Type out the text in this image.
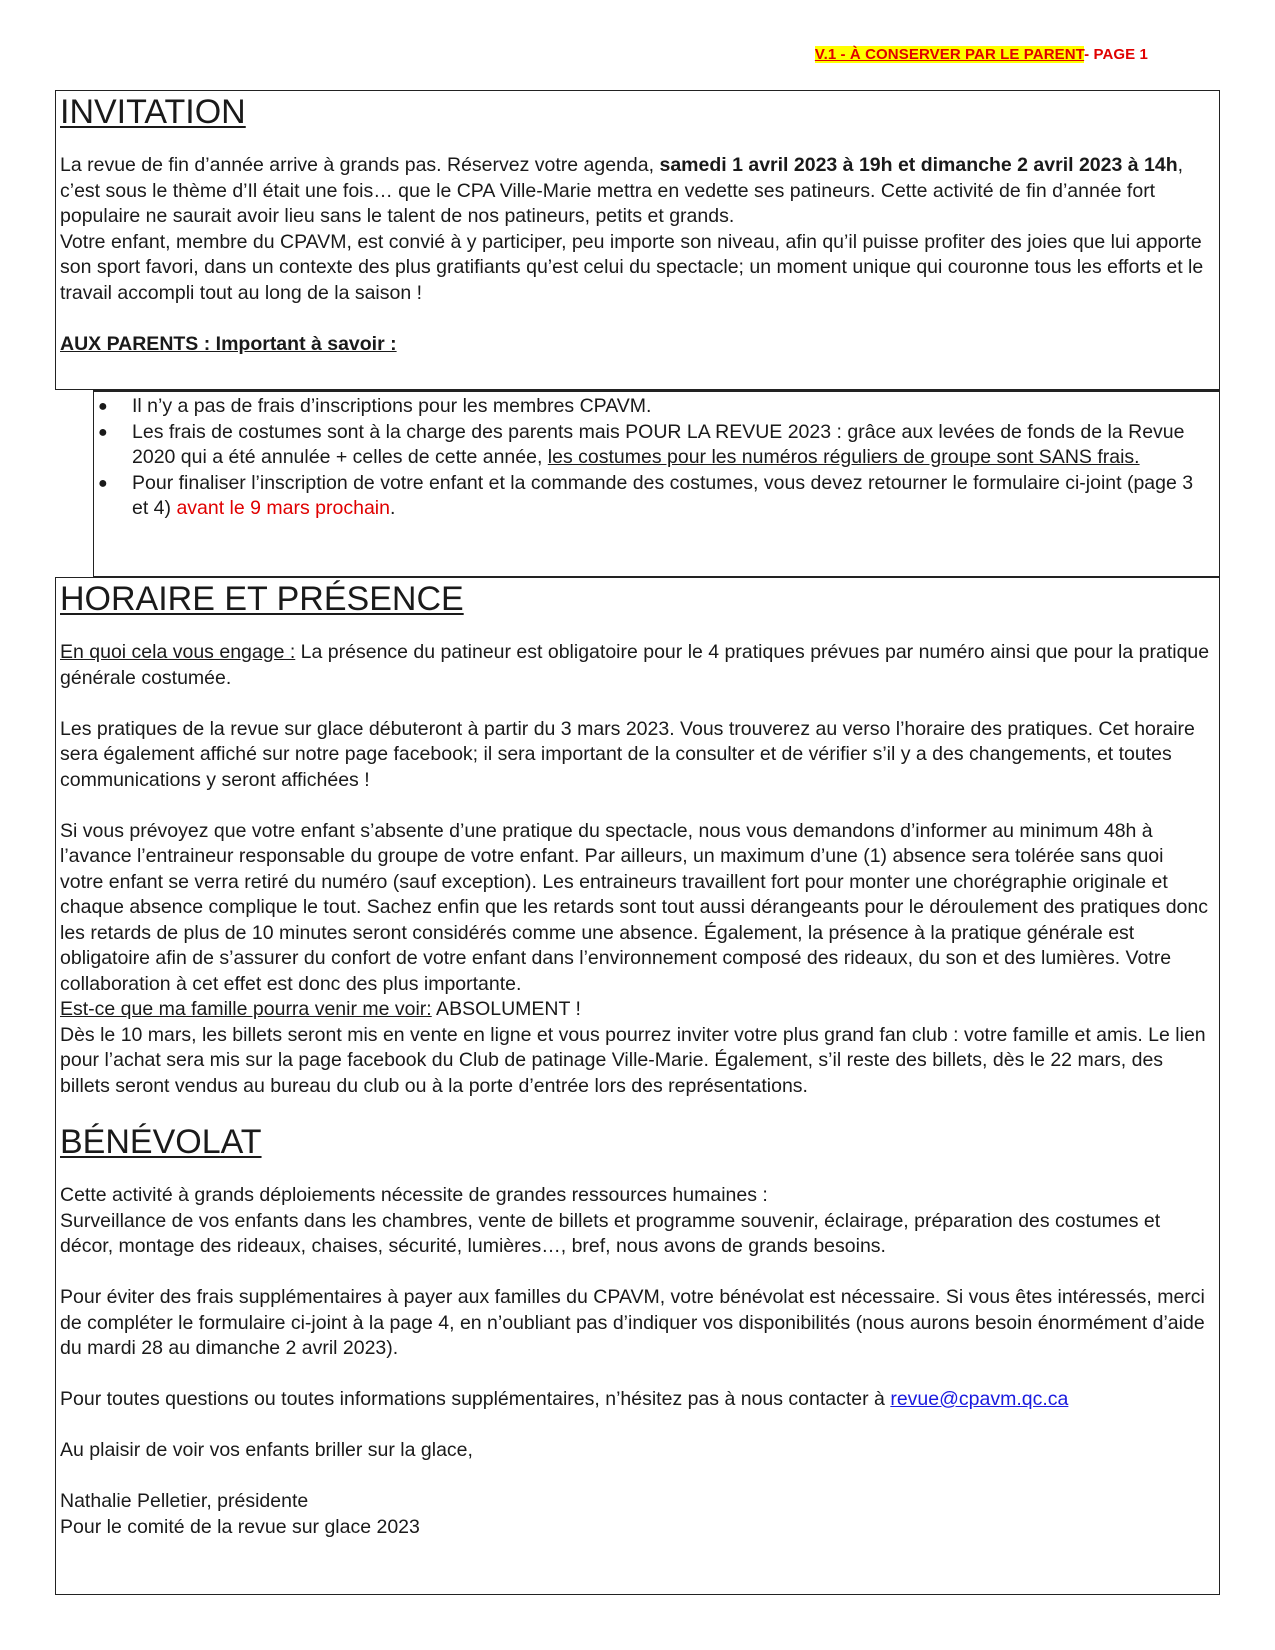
V.1 - À CONSERVER PAR LE PARENT- PAGE 1
INVITATION

La revue de fin d’année arrive à grands pas. Réservez votre agenda, samedi 1 avril 2023 à 19h et dimanche 2 avril 2023 à 14h, c’est sous le thème d’Il était une fois… que le CPA Ville-Marie mettra en vedette ses patineurs. Cette activité de fin d’année fort populaire ne saurait avoir lieu sans le talent de nos patineurs, petits et grands.

Votre enfant, membre du CPAVM, est convié à y participer, peu importe son niveau, afin qu’il puisse profiter des joies que lui apporte son sport favori, dans un contexte des plus gratifiants qu’est celui du spectacle; un moment unique qui couronne tous les efforts et le travail accompli tout au long de la saison !

AUX PARENTS : Important à savoir :

●	Il n’y a pas de frais d’inscriptions pour les membres CPAVM.
●	Les frais de costumes sont à la charge des parents mais POUR LA REVUE 2023 : grâce aux levées de fonds de la Revue 2020 qui a été annulée + celles de cette année, les costumes pour les numéros réguliers de groupe sont SANS frais.
●	Pour finaliser l’inscription de votre enfant et la commande des costumes, vous devez retourner le formulaire ci-joint (page 3 et 4) avant le 9 mars prochain.
HORAIRE ET PRÉSENCE

En quoi cela vous engage : La présence du patineur est obligatoire pour le 4 pratiques prévues par numéro ainsi que pour la pratique générale costumée.

Les pratiques de la revue sur glace débuteront à partir du 3 mars 2023. Vous trouverez au verso l’horaire des pratiques. Cet horaire sera également affiché sur notre page facebook; il sera important de la consulter et de vérifier s’il y a des changements, et toutes communications y seront affichées !

Si vous prévoyez que votre enfant s’absente d’une pratique du spectacle, nous vous demandons d’informer au minimum 48h à l’avance l’entraineur responsable du groupe de votre enfant. Par ailleurs, un maximum d’une (1) absence sera tolérée sans quoi votre enfant se verra retiré du numéro (sauf exception). Les entraineurs travaillent fort pour monter une chorégraphie originale et chaque absence complique le tout. Sachez enfin que les retards sont tout aussi dérangeants pour le déroulement des pratiques donc les retards de plus de 10 minutes seront considérés comme une absence. Également, la présence à la pratique générale est obligatoire afin de s’assurer du confort de votre enfant dans l’environnement composé des rideaux, du son et des lumières. Votre collaboration à cet effet est donc des plus importante.

Est-ce que ma famille pourra venir me voir: ABSOLUMENT !

Dès le 10 mars, les billets seront mis en vente en ligne et vous pourrez inviter votre plus grand fan club : votre famille et amis. Le lien pour l’achat sera mis sur la page facebook du Club de patinage Ville-Marie. Également, s’il reste des billets, dès le 22 mars, des billets seront vendus au bureau du club ou à la porte d’entrée lors des représentations.

BÉNÉVOLAT

Cette activité à grands déploiements nécessite de grandes ressources humaines :

Surveillance de vos enfants dans les chambres, vente de billets et programme souvenir, éclairage, préparation des costumes et décor, montage des rideaux, chaises, sécurité, lumières…, bref, nous avons de grands besoins.

Pour éviter des frais supplémentaires à payer aux familles du CPAVM, votre bénévolat est nécessaire. Si vous êtes intéressés, merci de compléter le formulaire ci-joint à la page 4, en n’oubliant pas d’indiquer vos disponibilités (nous aurons besoin énormément d’aide du mardi 28 au dimanche 2 avril 2023).

Pour toutes questions ou toutes informations supplémentaires, n’hésitez pas à nous contacter à revue@cpavm.qc.ca

Au plaisir de voir vos enfants briller sur la glace,

Nathalie Pelletier, présidente

Pour le comité de la revue sur glace 2023
